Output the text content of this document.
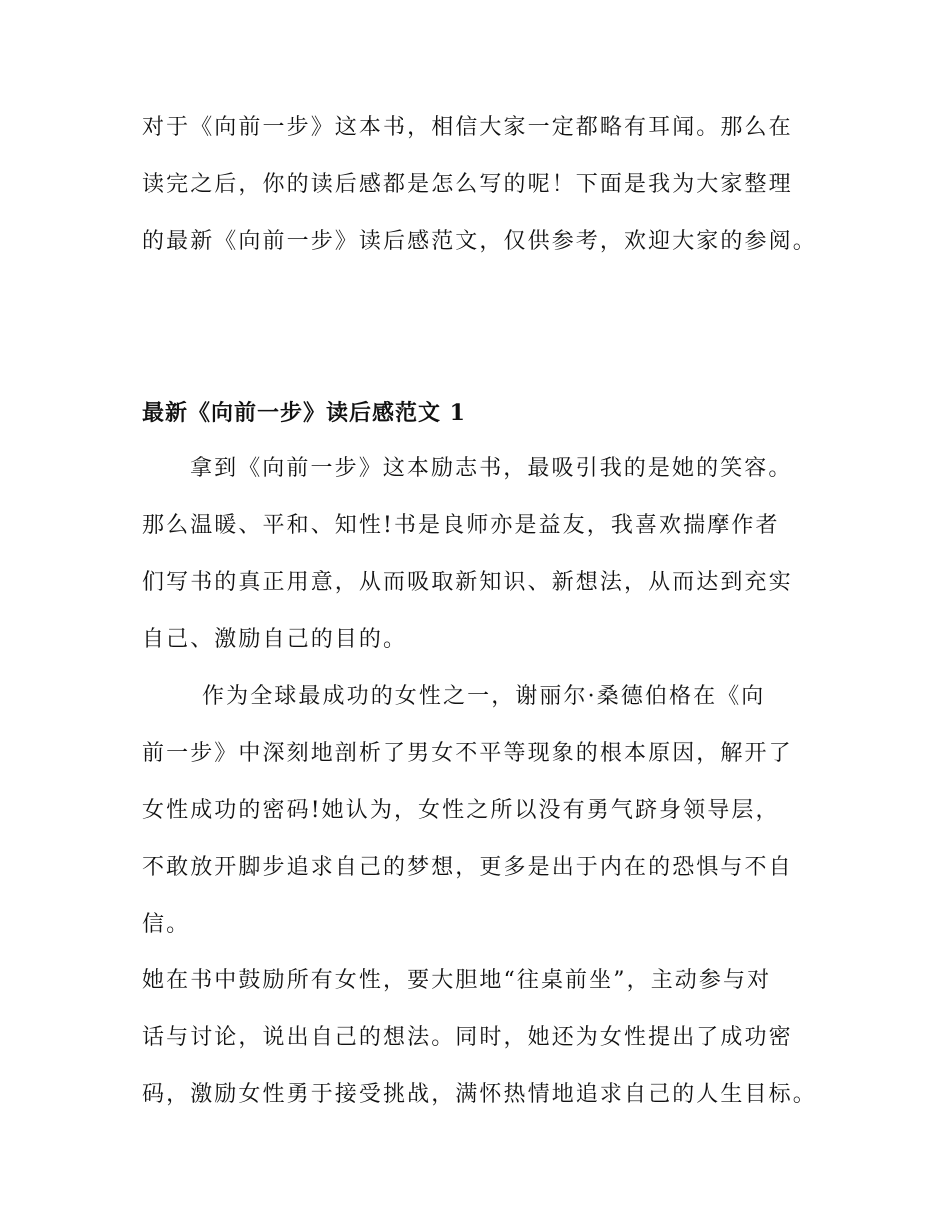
对于《向前一步》这本书，相信大家一定都略有耳闻。那么在
读完之后，你的读后感都是怎么写的呢！下面是我为大家整理
的最新《向前一步》读后感范文，仅供参考，欢迎大家的参阅。
最新《向前一步》读后感范文 1
拿到《向前一步》这本励志书，最吸引我的是她的笑容。
那么温暖、平和、知性!书是良师亦是益友，我喜欢揣摩作者
们写书的真正用意，从而吸取新知识、新想法，从而达到充实
自己、激励自己的目的。
作为全球最成功的女性之一，谢丽尔·桑德伯格在《向
前一步》中深刻地剖析了男女不平等现象的根本原因，解开了
女性成功的密码!她认为，女性之所以没有勇气跻身领导层，
不敢放开脚步追求自己的梦想，更多是出于内在的恐惧与不自
信。
她在书中鼓励所有女性，要大胆地“往桌前坐”，主动参与对
话与讨论，说出自己的想法。同时，她还为女性提出了成功密
码，激励女性勇于接受挑战，满怀热情地追求自己的人生目标。
